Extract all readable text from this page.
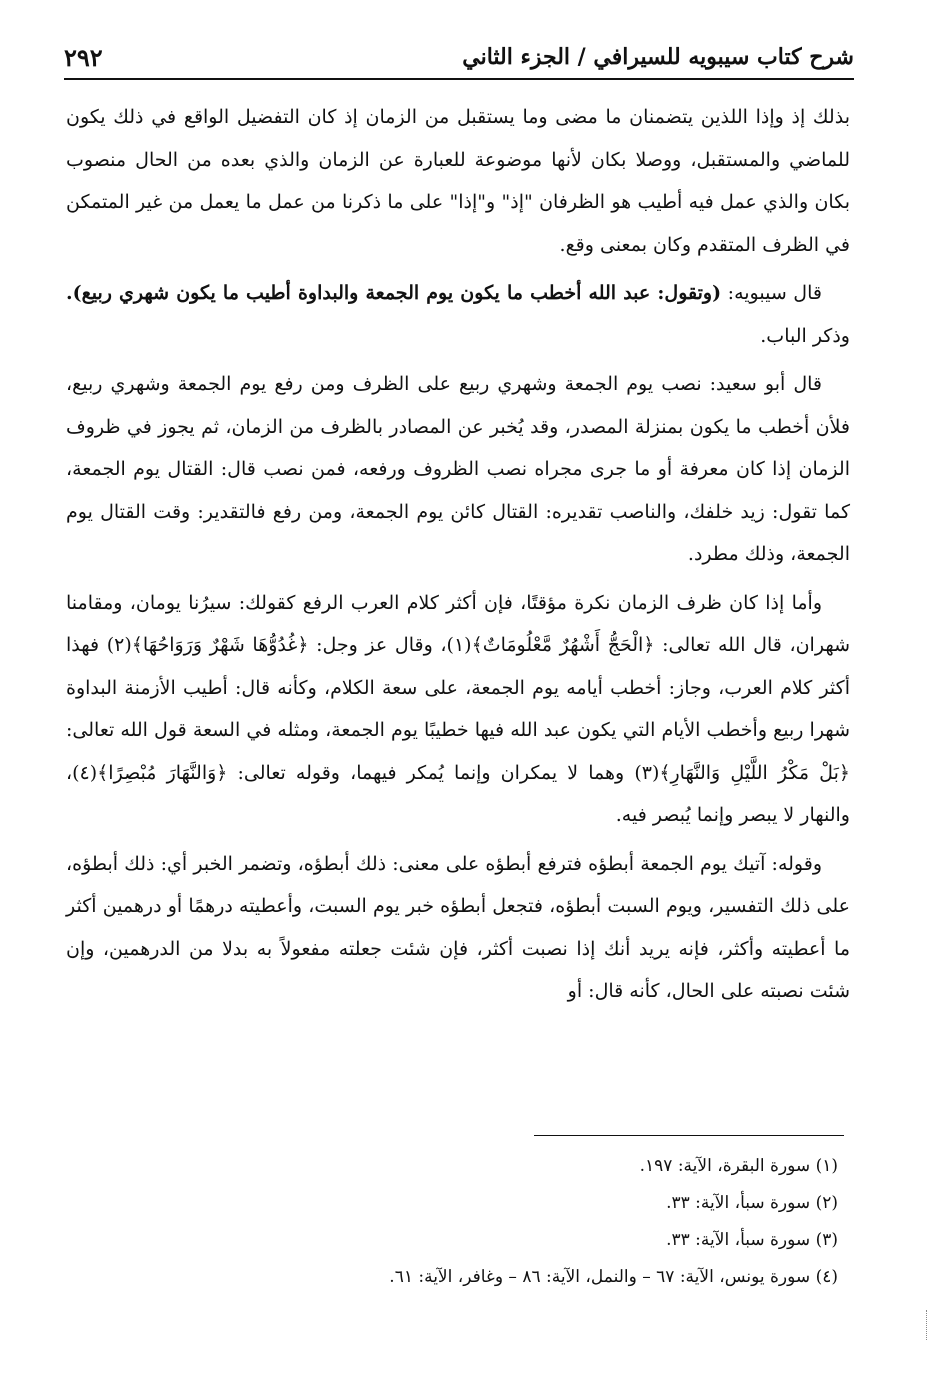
شرح كتاب سيبويه للسيرافي / الجزء الثاني
٢٩٢

بذلك إذ وإذا اللذين يتضمنان ما مضى وما يستقبل من الزمان إذ كان التفضيل الواقع في ذلك يكون للماضي والمستقبل، ووصلا بكان لأنها موضوعة للعبارة عن الزمان والذي بعده من الحال منصوب بكان والذي عمل فيه أطيب هو الظرفان "إذ" و"إذا" على ما ذكرنا من عمل ما يعمل من غير المتمكن في الظرف المتقدم وكان بمعنى وقع.

قال سيبويه: (وتقول: عبد الله أخطب ما يكون يوم الجمعة والبداوة أطيب ما يكون شهري ربيع). وذكر الباب.

قال أبو سعيد: نصب يوم الجمعة وشهري ربيع على الظرف ومن رفع يوم الجمعة وشهري ربيع، فلأن أخطب ما يكون بمنزلة المصدر، وقد يُخبر عن المصادر بالظرف من الزمان، ثم يجوز في ظروف الزمان إذا كان معرفة أو ما جرى مجراه نصب الظروف ورفعه، فمن نصب قال: القتال يوم الجمعة، كما تقول: زيد خلفك، والناصب تقديره: القتال كائن يوم الجمعة، ومن رفع فالتقدير: وقت القتال يوم الجمعة، وذلك مطرد.

وأما إذا كان ظرف الزمان نكرة مؤقتًا، فإن أكثر كلام العرب الرفع كقولك: سيرُنا يومان، ومقامنا شهران، قال الله تعالى: ﴿الْحَجُّ أَشْهُرٌ مَّعْلُومَاتٌ﴾(١)، وقال عز وجل: ﴿غُدُوُّهَا شَهْرٌ وَرَوَاحُهَا﴾(٢) فهذا أكثر كلام العرب، وجاز: أخطب أيامه يوم الجمعة، على سعة الكلام، وكأنه قال: أطيب الأزمنة البداوة شهرا ربيع وأخطب الأيام التي يكون عبد الله فيها خطيبًا يوم الجمعة، ومثله في السعة قول الله تعالى: ﴿بَلْ مَكْرُ اللَّيْلِ وَالنَّهَارِ﴾(٣) وهما لا يمكران وإنما يُمكر فيهما، وقوله تعالى: ﴿وَالنَّهَارَ مُبْصِرًا﴾(٤)، والنهار لا يبصر وإنما يُبصر فيه.

وقوله: آتيك يوم الجمعة أبطؤه فترفع أبطؤه على معنى: ذلك أبطؤه، وتضمر الخبر أي: ذلك أبطؤه، على ذلك التفسير، ويوم السبت أبطؤه، فتجعل أبطؤه خبر يوم السبت، وأعطيته درهمًا أو درهمين أكثر ما أعطيته وأكثر، فإنه يريد أنك إذا نصبت أكثر، فإن شئت جعلته مفعولاً به بدلا من الدرهمين، وإن شئت نصبته على الحال، كأنه قال: أو

(١) سورة البقرة، الآية: ١٩٧.
(٢) سورة سبأ، الآية: ٣٣.
(٣) سورة سبأ، الآية: ٣٣.
(٤) سورة يونس، الآية: ٦٧ – والنمل، الآية: ٨٦ – وغافر، الآية: ٦١.
